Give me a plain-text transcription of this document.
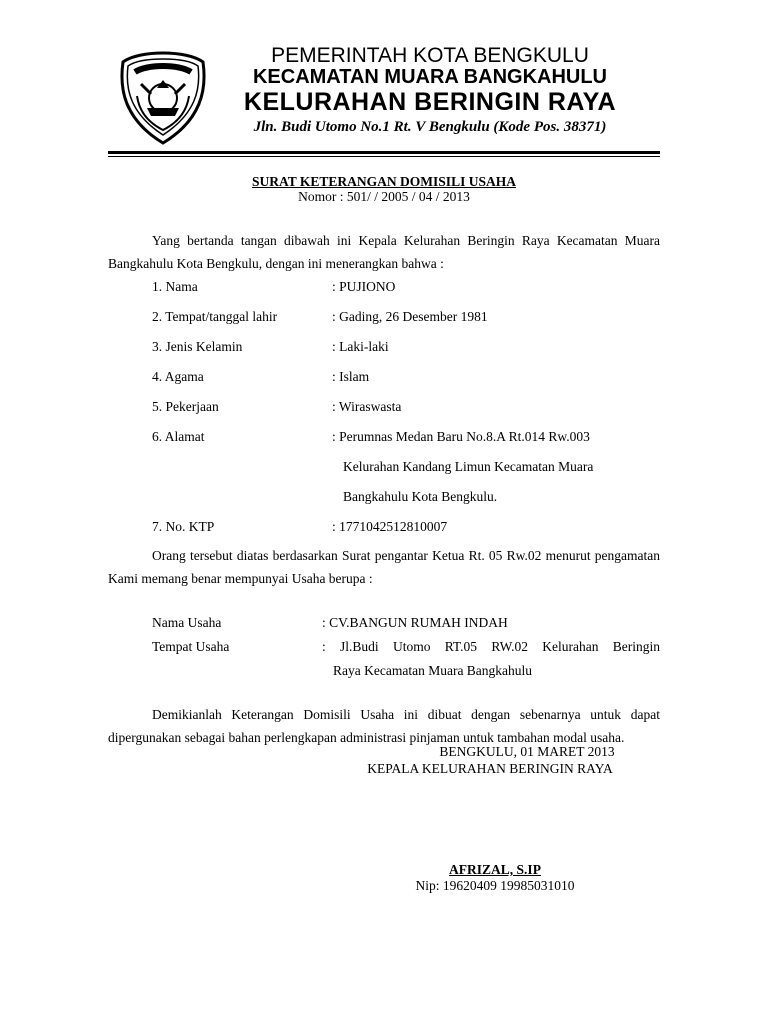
PEMERINTAH KOTA BENGKULU
KECAMATAN MUARA BANGKAHULU
KELURAHAN BERINGIN RAYA
Jln. Budi Utomo No.1 Rt. V Bengkulu (Kode Pos. 38371)
SURAT KETERANGAN DOMISILI USAHA
Nomor : 501/ / 2005 / 04 / 2013
Yang bertanda tangan dibawah ini Kepala Kelurahan Beringin Raya Kecamatan Muara Bangkahulu Kota Bengkulu, dengan ini menerangkan bahwa :
1. Nama	: PUJIONO
2. Tempat/tanggal lahir	: Gading, 26 Desember 1981
3. Jenis Kelamin	: Laki-laki
4. Agama	: Islam
5. Pekerjaan	: Wiraswasta
6. Alamat	: Perumnas Medan Baru No.8.A Rt.014 Rw.003
Kelurahan Kandang Limun Kecamatan Muara
Bangkahulu Kota Bengkulu.
7. No. KTP	: 1771042512810007
Orang tersebut diatas berdasarkan Surat pengantar Ketua Rt. 05 Rw.02 menurut pengamatan Kami memang benar mempunyai Usaha berupa :
Nama Usaha	: CV.BANGUN RUMAH INDAH
Tempat Usaha	: Jl.Budi Utomo RT.05 RW.02 Kelurahan Beringin
Raya Kecamatan Muara Bangkahulu
Demikianlah Keterangan Domisili Usaha ini dibuat dengan sebenarnya untuk dapat dipergunakan sebagai bahan perlengkapan administrasi pinjaman untuk tambahan modal usaha.
BENGKULU, 01 MARET 2013
KEPALA KELURAHAN BERINGIN RAYA
AFRIZAL, S.IP
Nip: 19620409 19985031010
